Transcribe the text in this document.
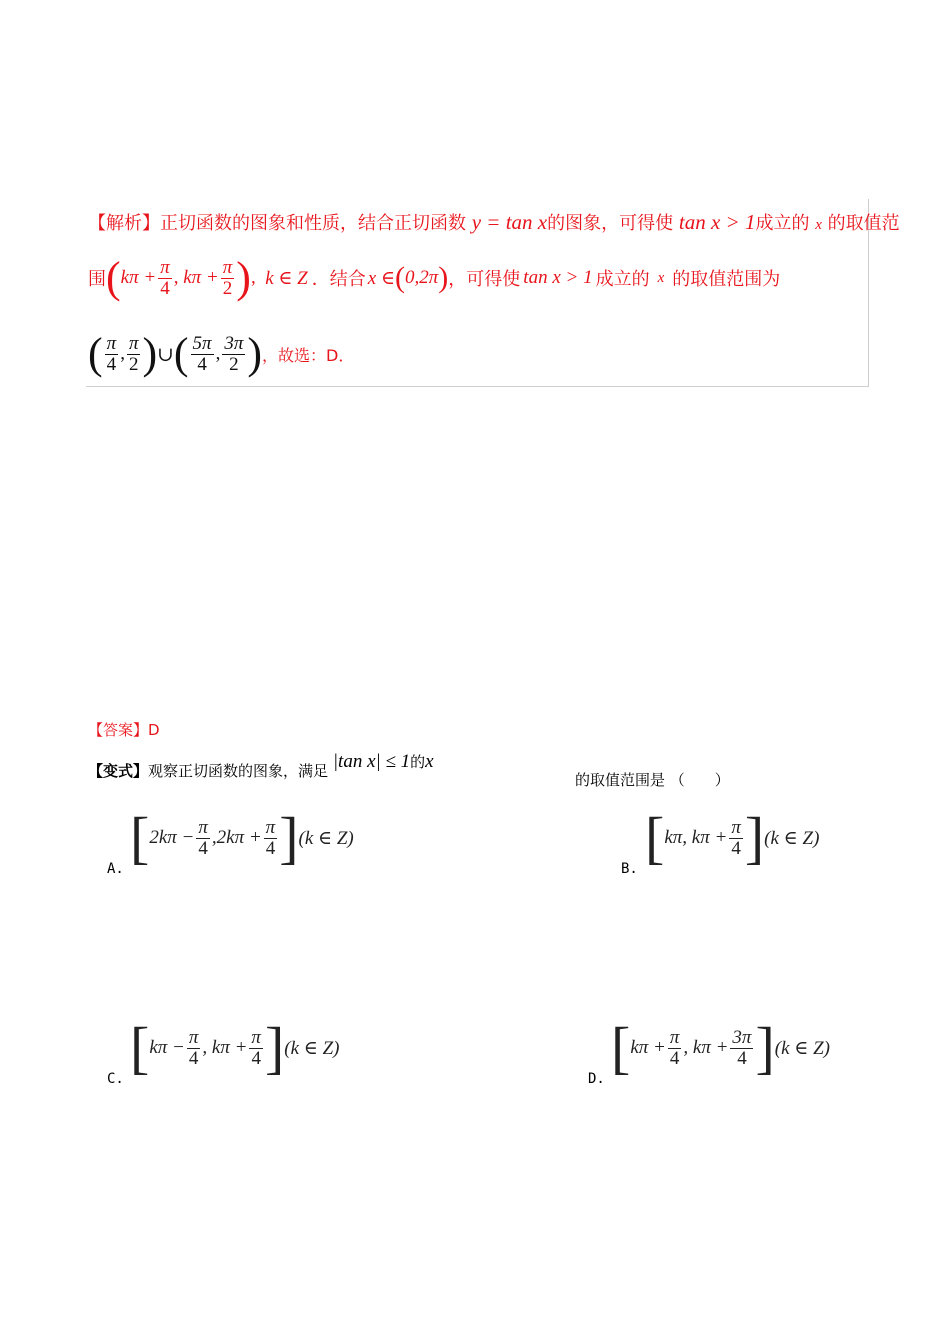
【解析】正切函数的图象和性质，结合正切函数 y = tan x的图象，可得使 tan x > 1成立的 x 的取值范
围 ( $k\pi + \frac{\pi}{4}$ , $k\pi + \frac{\pi}{2}$ ) , k ∈ Z ．结合 x ∈ ( 0,2π ) ，可得使 tan x > 1 成立的 x 的取值范围为
( $\frac{\pi}{4}$ , $\frac{\pi}{2}$ ) ∪ ( $\frac{5\pi}{4}$ , $\frac{3\pi}{2}$ ) ，故选：D．
【答案】D
【变式】观察正切函数的图象，满足 |tan x| ≤ 1的x
的取值范围是 （　　）
A. [ $2k\pi - \frac{\pi}{4} ,2k\pi + \frac{\pi}{4}$ ] (k ∈ Z)
B. [ kπ, $k\pi + \frac{\pi}{4}$ ] (k ∈ Z)
C. [ $k\pi - \frac{\pi}{4}$ , $k\pi + \frac{\pi}{4}$ ] (k ∈ Z)
D. [ $k\pi + \frac{\pi}{4}$ , $k\pi + \frac{3\pi}{4}$ ] (k ∈ Z)
